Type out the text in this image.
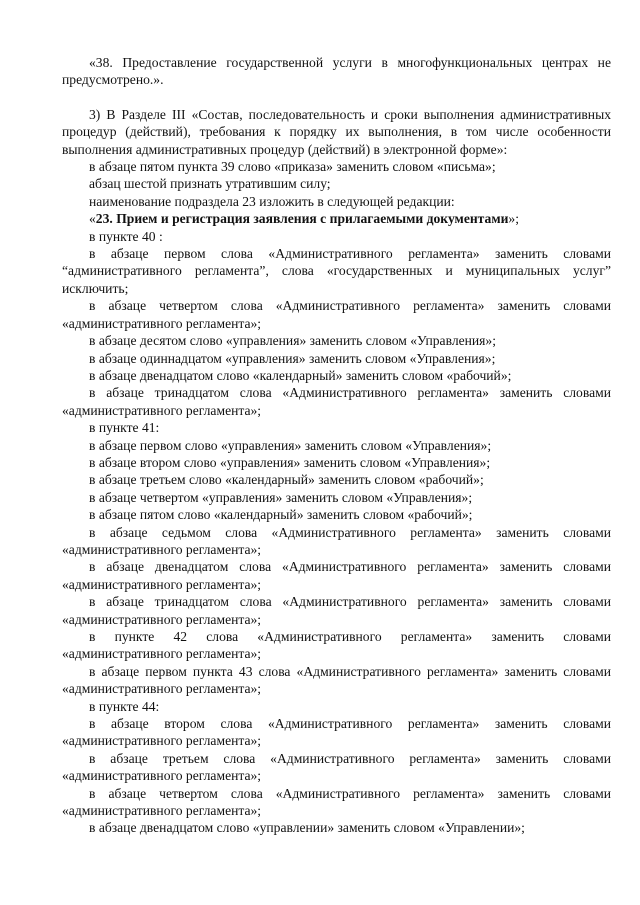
«38. Предоставление государственной услуги в многофункциональных центрах не предусмотрено.».

3) В Разделе III «Состав, последовательность и сроки выполнения административных процедур (действий), требования к порядку их выполнения, в том числе особенности выполнения административных процедур (действий) в электронной форме»:

в абзаце пятом пункта 39 слово «приказа» заменить словом «письма»;

абзац шестой признать утратившим силу;

наименование подраздела 23 изложить в следующей редакции:

«23. Прием и регистрация заявления с прилагаемыми документами»;

в пункте 40 :

в абзаце первом слова «Административного регламента» заменить словами “административного регламента”, слова «государственных и муниципальных услуг” исключить;

в абзаце четвертом слова «Административного регламента» заменить словами «административного регламента»;

в абзаце десятом слово «управления» заменить словом «Управления»;

в абзаце одиннадцатом «управления» заменить словом «Управления»;

в абзаце двенадцатом слово «календарный» заменить словом «рабочий»;

в абзаце тринадцатом слова «Административного регламента» заменить словами «административного регламента»;

в пункте 41:

в абзаце первом слово «управления» заменить словом «Управления»;

в абзаце втором слово «управления» заменить словом «Управления»;

в абзаце третьем слово «календарный» заменить словом «рабочий»;

в абзаце четвертом «управления» заменить словом «Управления»;

в абзаце пятом слово «календарный» заменить словом «рабочий»;

в абзаце седьмом слова «Административного регламента» заменить словами «административного регламента»;

в абзаце двенадцатом слова «Административного регламента» заменить словами «административного регламента»;

в абзаце тринадцатом слова «Административного регламента» заменить словами «административного регламента»;

в пункте 42 слова «Административного регламента» заменить словами «административного регламента»;

в абзаце первом пункта 43 слова «Административного регламента» заменить словами «административного регламента»;

в пункте 44:

в абзаце втором слова «Административного регламента» заменить словами «административного регламента»;

в абзаце третьем слова «Административного регламента» заменить словами «административного регламента»;

в абзаце четвертом слова «Административного регламента» заменить словами «административного регламента»;

в абзаце двенадцатом слово «управлении» заменить словом «Управлении»;
